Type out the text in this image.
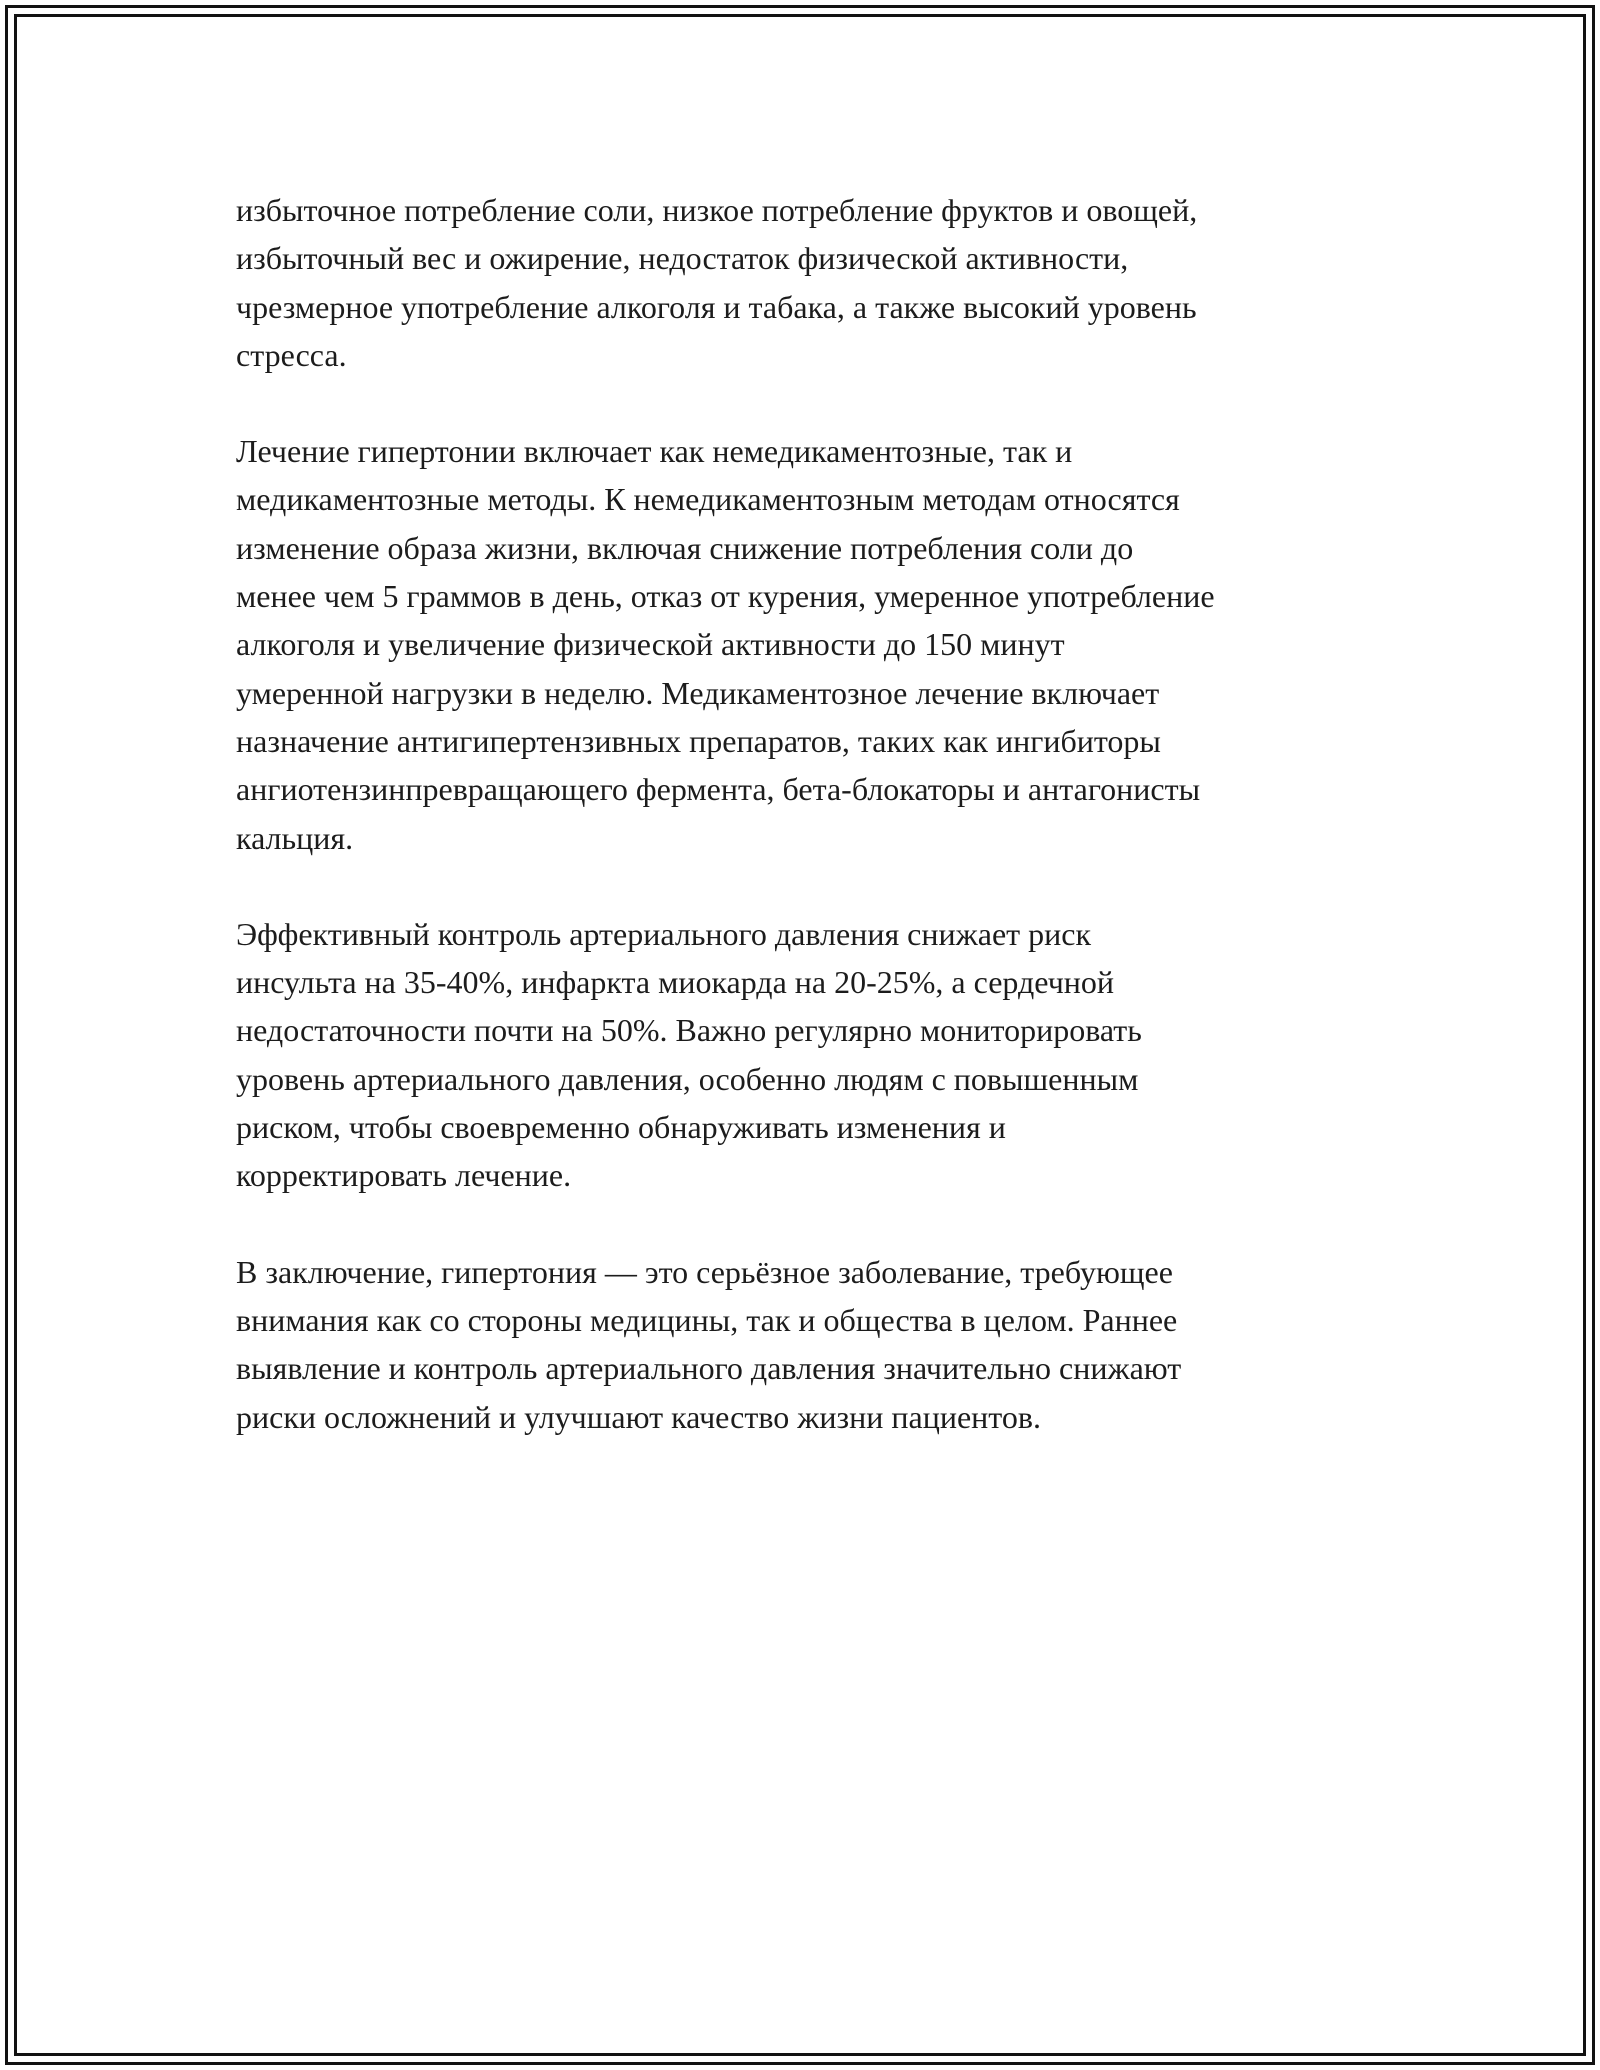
избыточное потребление соли, низкое потребление фруктов и овощей,
избыточный вес и ожирение, недостаток физической активности,
чрезмерное употребление алкоголя и табака, а также высокий уровень
стресса.

Лечение гипертонии включает как немедикаментозные, так и
медикаментозные методы. К немедикаментозным методам относятся
изменение образа жизни, включая снижение потребления соли до
менее чем 5 граммов в день, отказ от курения, умеренное употребление
алкоголя и увеличение физической активности до 150 минут
умеренной нагрузки в неделю. Медикаментозное лечение включает
назначение антигипертензивных препаратов, таких как ингибиторы
ангиотензинпревращающего фермента, бета-блокаторы и антагонисты
кальция.

Эффективный контроль артериального давления снижает риск
инсульта на 35-40%, инфаркта миокарда на 20-25%, а сердечной
недостаточности почти на 50%. Важно регулярно мониторировать
уровень артериального давления, особенно людям с повышенным
риском, чтобы своевременно обнаруживать изменения и
корректировать лечение.

В заключение, гипертония — это серьёзное заболевание, требующее
внимания как со стороны медицины, так и общества в целом. Раннее
выявление и контроль артериального давления значительно снижают
риски осложнений и улучшают качество жизни пациентов.
